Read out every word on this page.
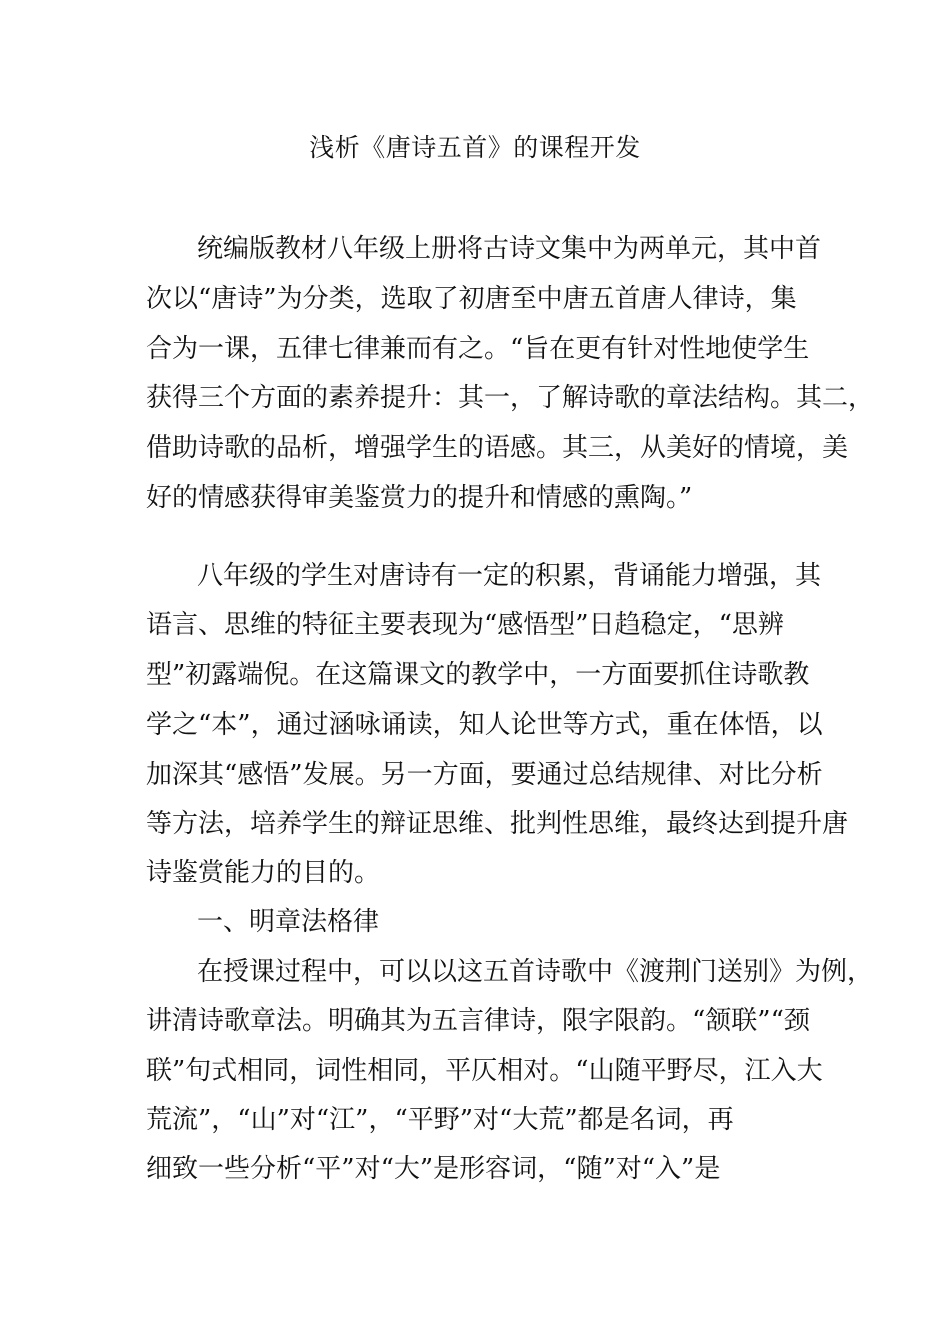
浅析《唐诗五首》的课程开发
统编版教材八年级上册将古诗文集中为两单元，其中首
次以“唐诗”为分类，选取了初唐至中唐五首唐人律诗，集
合为一课，五律七律兼而有之。“旨在更有针对性地使学生
获得三个方面的素养提升：其一，了解诗歌的章法结构。其二，
借助诗歌的品析，增强学生的语感。其三，从美好的情境，美
好的情感获得审美鉴赏力的提升和情感的熏陶。”
八年级的学生对唐诗有一定的积累，背诵能力增强，其
语言、思维的特征主要表现为“感悟型”日趋稳定，“思辨
型”初露端倪。在这篇课文的教学中，一方面要抓住诗歌教
学之“本”，通过涵咏诵读，知人论世等方式，重在体悟，以
加深其“感悟”发展。另一方面，要通过总结规律、对比分析
等方法，培养学生的辩证思维、批判性思维，最终达到提升唐
诗鉴赏能力的目的。
一、明章法格律
在授课过程中，可以以这五首诗歌中《渡荆门送别》为例，
讲清诗歌章法。明确其为五言律诗，限字限韵。“颔联”“颈
联”句式相同，词性相同，平仄相对。“山随平野尽，江入大
荒流”，“山”对“江”，“平野”对“大荒”都是名词，再
细致一些分析“平”对“大”是形容词，“随”对“入”是
